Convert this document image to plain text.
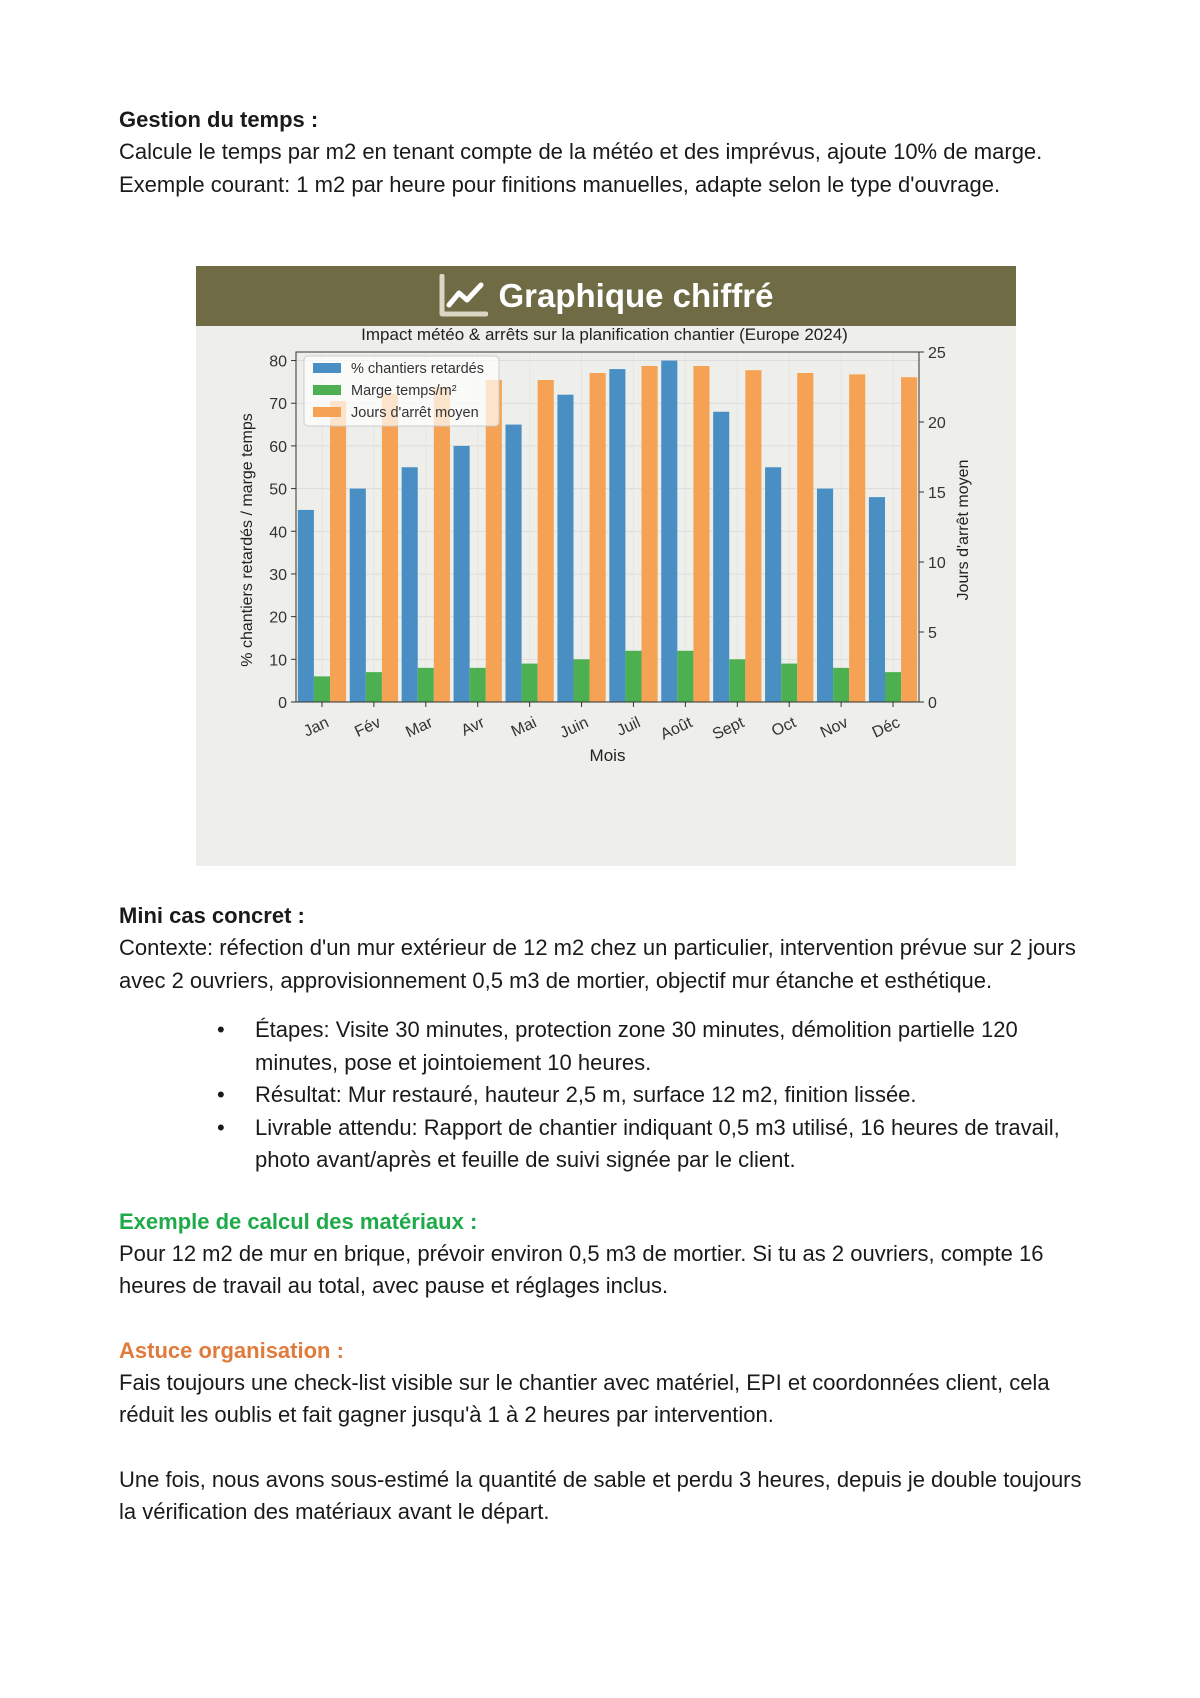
Gestion du temps :

Calcule le temps par m2 en tenant compte de la météo et des imprévus, ajoute 10% de marge. Exemple courant: 1 m2 par heure pour finitions manuelles, adapte selon le type d'ouvrage.

Graphique chiffré
0
10
20
30
40
50
60
70
80
0
5
10
15
20
25
Jan Fév Mar Avr Mai Juin Juil Août Sept Oct Nov Déc
Impact météo & arrêts sur la planification chantier (Europe 2024)
Mois
% chantiers retardés / marge temps	Jours d'arrêt moyen
% chantiers retardés
Marge temps/m²
Jours d'arrêt moyen

Mini cas concret :

Contexte: réfection d'un mur extérieur de 12 m2 chez un particulier, intervention prévue sur 2 jours avec 2 ouvriers, approvisionnement 0,5 m3 de mortier, objectif mur étanche et esthétique.

• Étapes: Visite 30 minutes, protection zone 30 minutes, démolition partielle 120 minutes, pose et jointoiement 10 heures.
• Résultat: Mur restauré, hauteur 2,5 m, surface 12 m2, finition lissée.
• Livrable attendu: Rapport de chantier indiquant 0,5 m3 utilisé, 16 heures de travail, photo avant/après et feuille de suivi signée par le client.

Exemple de calcul des matériaux :

Pour 12 m2 de mur en brique, prévoir environ 0,5 m3 de mortier. Si tu as 2 ouvriers, compte 16 heures de travail au total, avec pause et réglages inclus.

Astuce organisation :

Fais toujours une check-list visible sur le chantier avec matériel, EPI et coordonnées client, cela réduit les oublis et fait gagner jusqu'à 1 à 2 heures par intervention.

Une fois, nous avons sous-estimé la quantité de sable et perdu 3 heures, depuis je double toujours la vérification des matériaux avant le départ.
